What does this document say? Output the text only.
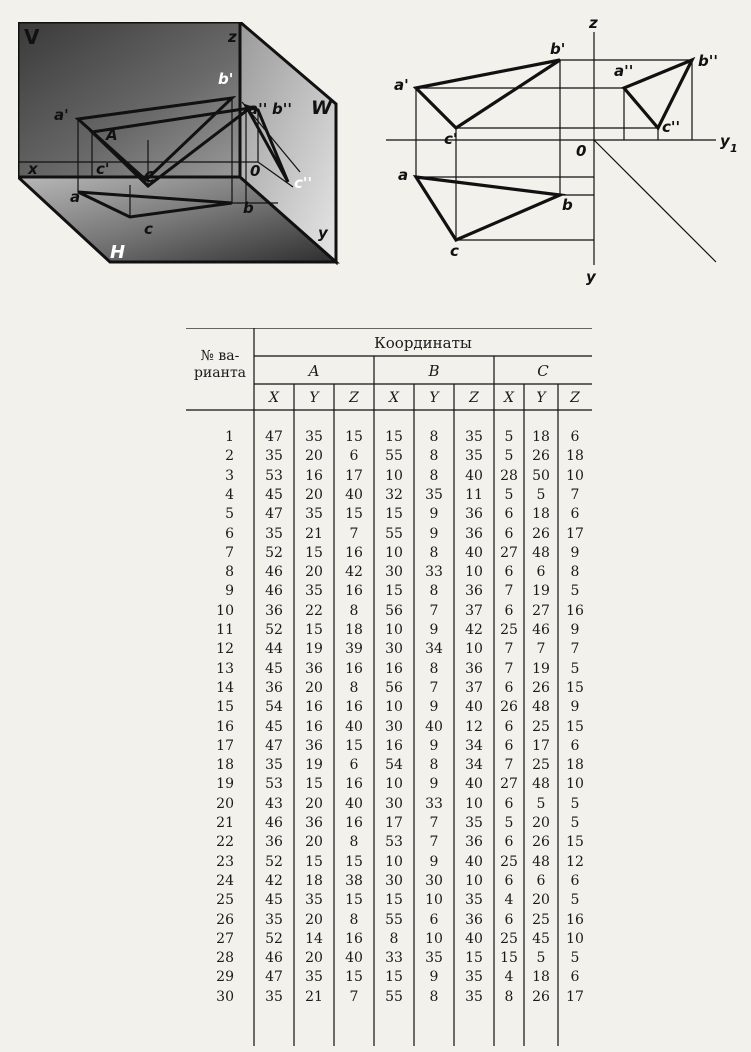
V	z
W
H
x
y
0
a'
b'
a'' b''
c''
A
C
c'
a
b
c
z
y 1
y
0
a'
b'
c'
a''
b''
c''
a
b
c
№ ва-
рианта
Координаты
A	B	C
X	Y	Z	X	Y	Z	X	Y	Z
1	47	35	15	15	8	35	5	18	6
2	35	20	6	55	8	35	5	26	18
3	53	16	17	10	8	40	28	50	10
4	45	20	40	32	35	11	5	5	7
5	47	35	15	15	9	36	6	18	6
6	35	21	7	55	9	36	6	26	17
7	52	15	16	10	8	40	27	48	9
8	46	20	42	30	33	10	6	6	8
9	46	35	16	15	8	36	7	19	5
10	36	22	8	56	7	37	6	27	16
11	52	15	18	10	9	42	25	46	9
12	44	19	39	30	34	10	7	7	7
13	45	36	16	16	8	36	7	19	5
14	36	20	8	56	7	37	6	26	15
15	54	16	16	10	9	40	26	48	9
16	45	16	40	30	40	12	6	25	15
17	47	36	15	16	9	34	6	17	6
18	35	19	6	54	8	34	7	25	18
19	53	15	16	10	9	40	27	48	10
20	43	20	40	30	33	10	6	5	5
21	46	36	16	17	7	35	5	20	5
22	36	20	8	53	7	36	6	26	15
23	52	15	15	10	9	40	25	48	12
24	42	18	38	30	30	10	6	6	6
25	45	35	15	15	10	35	4	20	5
26	35	20	8	55	6	36	6	25	16
27	52	14	16	8	10	40	25	45	10
28	46	20	40	33	35	15	15	5	5
29	47	35	15	15	9	35	4	18	6
30	35	21	7	55	8	35	8	26	17
